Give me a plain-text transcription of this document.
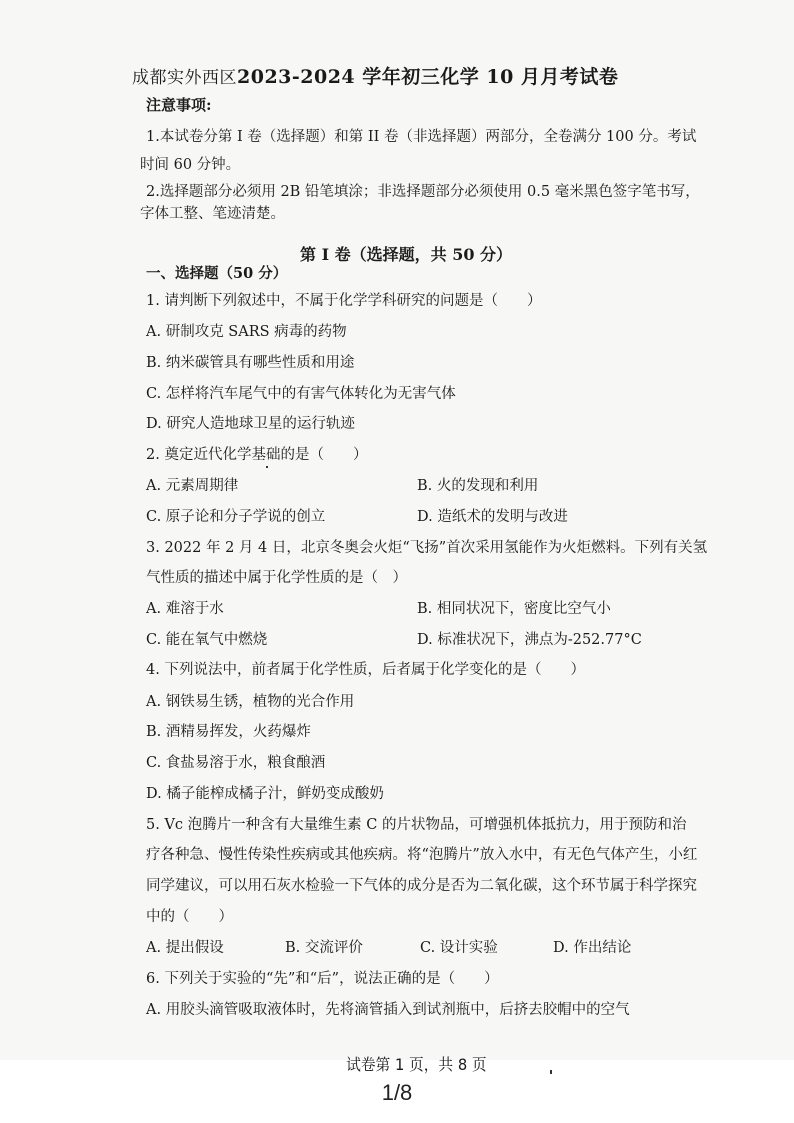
成都实外西区2023-2024 学年初三化学 10 月月考试卷
注意事项:
1.本试卷分第 I 卷（选择题）和第 II 卷（非选择题）两部分，全卷满分 100 分。考试
时间 60 分钟。
2.选择题部分必须用 2B 铅笔填涂；非选择题部分必须使用 0.5 毫米黑色签字笔书写，
字体工整、笔迹清楚。
第 I 卷（选择题，共 50 分）
一、选择题（50 分）
1. 请判断下列叙述中，不属于化学学科研究的问题是（　　）
A. 研制攻克 SARS 病毒的药物
B. 纳米碳管具有哪些性质和用途
C. 怎样将汽车尾气中的有害气体转化为无害气体
D. 研究人造地球卫星的运行轨迹
2. 奠定近代化学基础的是（　　）
A. 元素周期律	B. 火的发现和利用
C. 原子论和分子学说的创立	D. 造纸术的发明与改进
3. 2022 年 2 月 4 日，北京冬奥会火炬“飞扬”首次采用氢能作为火炬燃料。下列有关氢
气性质的描述中属于化学性质的是（　）
A. 难溶于水	B. 相同状况下，密度比空气小
C. 能在氧气中燃烧	D. 标准状况下，沸点为-252.77°C
4. 下列说法中，前者属于化学性质，后者属于化学变化的是（　　）
A. 钢铁易生锈，植物的光合作用
B. 酒精易挥发，火药爆炸
C. 食盐易溶于水，粮食酿酒
D. 橘子能榨成橘子汁，鲜奶变成酸奶
5. Vc 泡腾片一种含有大量维生素 C 的片状物品，可增强机体抵抗力，用于预防和治
疗各种急、慢性传染性疾病或其他疾病。将“泡腾片”放入水中，有无色气体产生，小红
同学建议，可以用石灰水检验一下气体的成分是否为二氧化碳，这个环节属于科学探究
中的（　　）
A. 提出假设	B. 交流评价	C. 设计实验	D. 作出结论
6. 下列关于实验的“先”和“后”，说法正确的是（　　）
A. 用胶头滴管吸取液体时，先将滴管插入到试剂瓶中，后挤去胶帽中的空气
试卷第 1 页，共 8 页
1/8
